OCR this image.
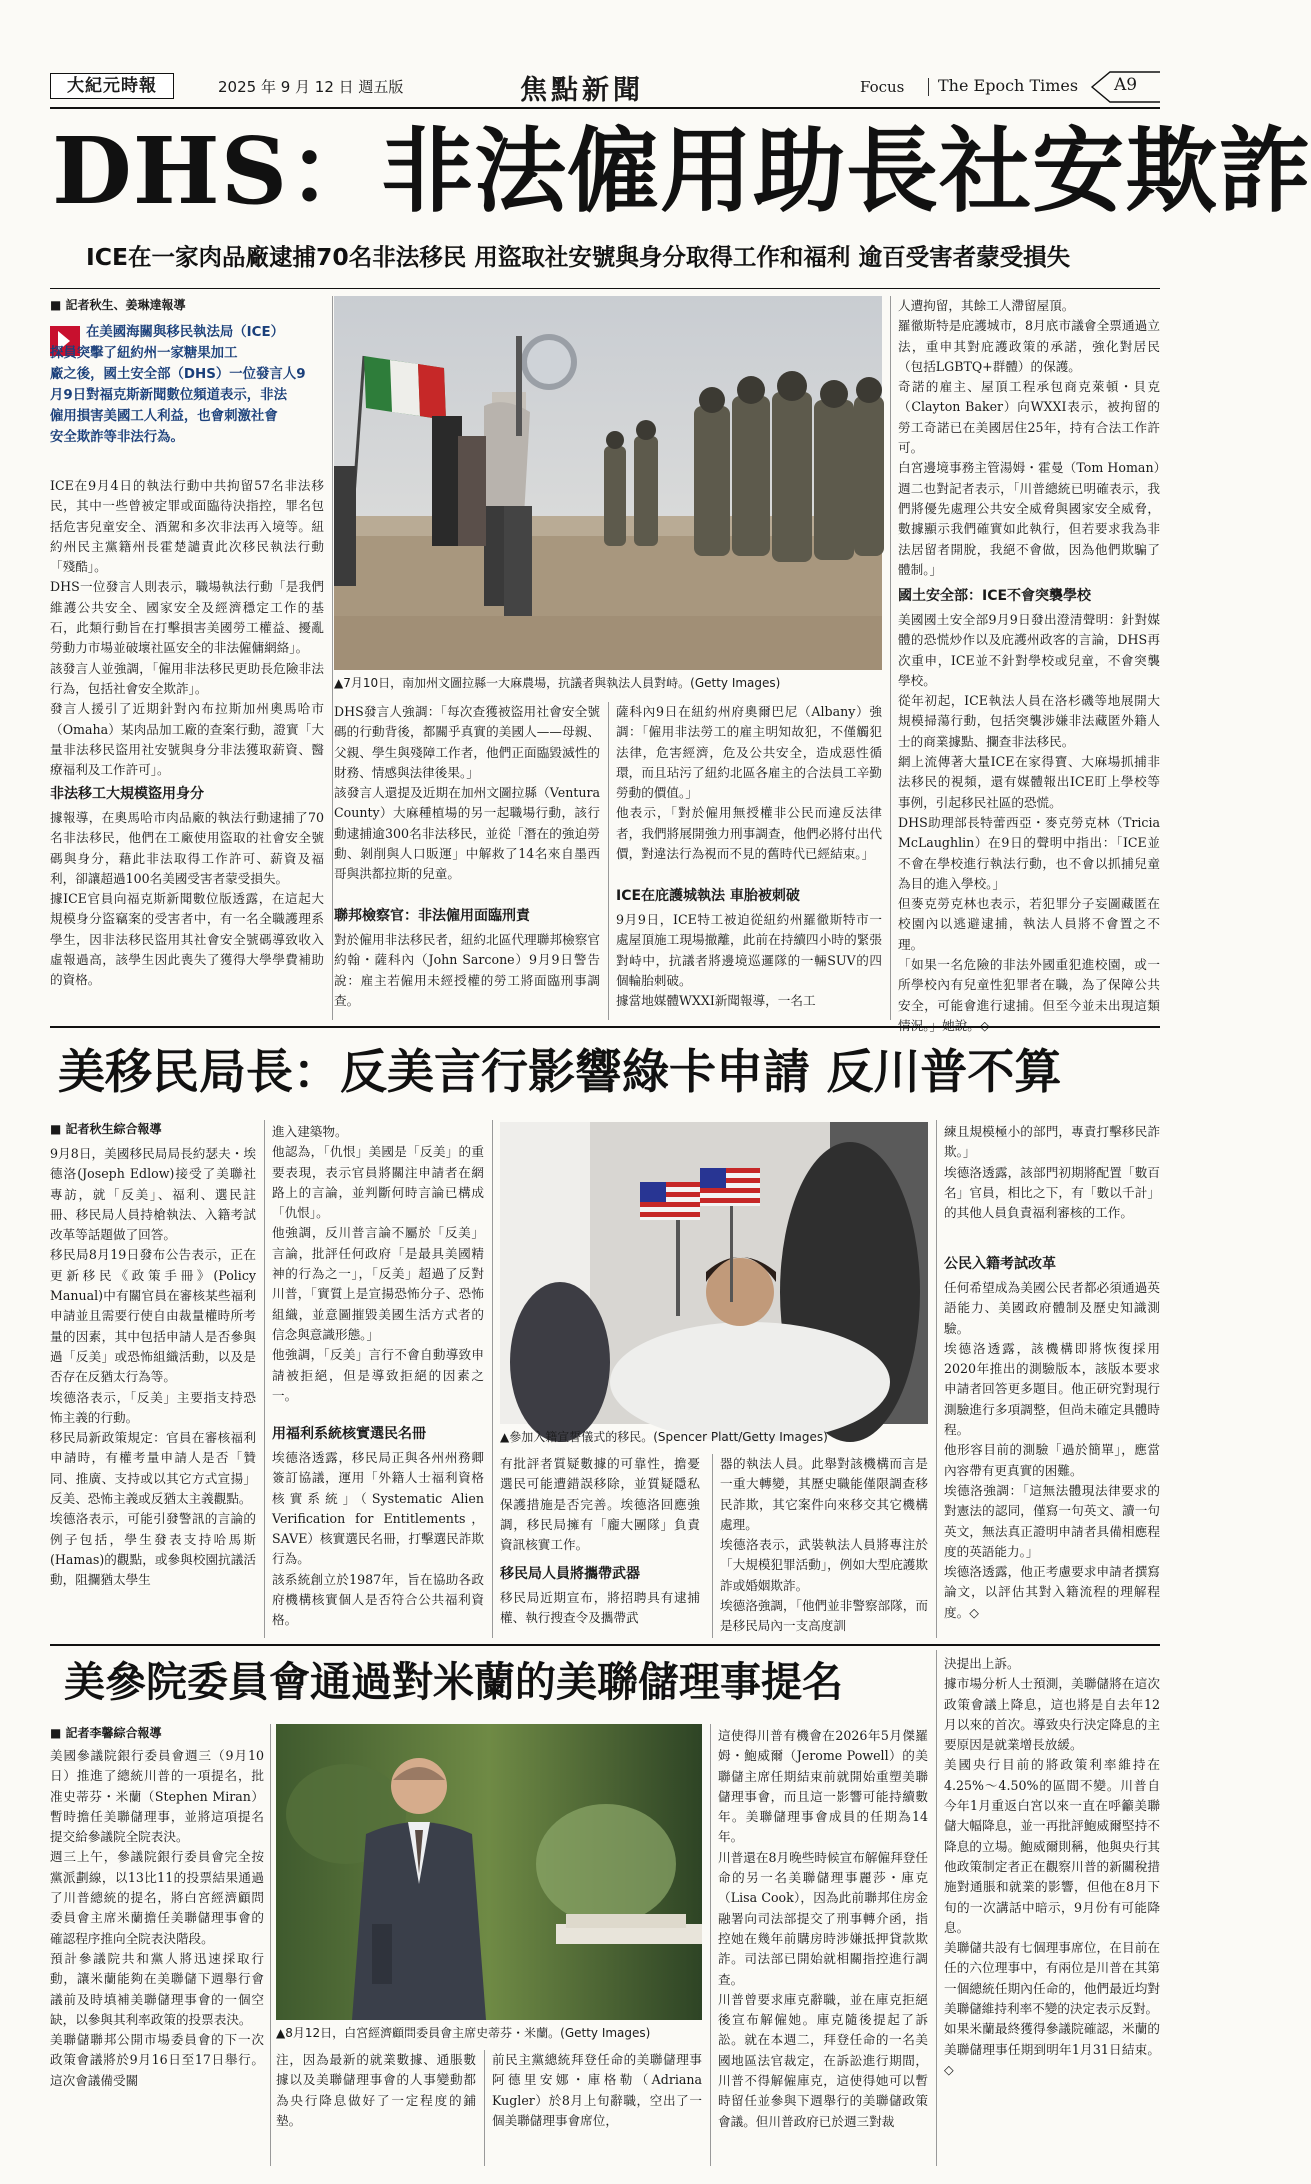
大紀元時報	2025 年 9 月 12 日 週五版	焦點新聞	Focus The Epoch Times A9
DHS：非法僱用助長社安欺詐
ICE在一家肉品廠逮捕70名非法移民 用盜取社安號與身分取得工作和福利 逾百受害者蒙受損失
■ 記者秋生、姜琳達報導
在美國海關與移民執法局（ICE）
探員突擊了紐約州一家糖果加工
廠之後，國土安全部（DHS）一位發言人9
月9日對福克斯新聞數位頻道表示，非法
僱用損害美國工人利益，也會刺激社會
安全欺詐等非法行為。
ICE在9月4日的執法行動中共拘留57名非法移民，其中一些曾被定罪或面臨待決指控，罪名包括危害兒童安全、酒駕和多次非法再入境等。紐約州民主黨籍州長霍楚譴責此次移民執法行動「殘酷」。
DHS一位發言人則表示，職場執法行動「是我們維護公共安全、國家安全及經濟穩定工作的基石，此類行動旨在打擊損害美國勞工權益、擾亂勞動力市場並破壞社區安全的非法僱傭網絡」。
該發言人並強調，「僱用非法移民更助長危險非法行為，包括社會安全欺詐」。
發言人援引了近期針對內布拉斯加州奧馬哈市（Omaha）某肉品加工廠的查案行動，證實「大量非法移民盜用社安號與身分非法獲取薪資、醫療福利及工作許可」。
非法移工大規模盜用身分
據報導，在奧馬哈市肉品廠的執法行動逮捕了70名非法移民，他們在工廠使用盜取的社會安全號碼與身分，藉此非法取得工作許可、薪資及福利，卻讓超過100名美國受害者蒙受損失。
據ICE官員向福克斯新聞數位版透露，在這起大規模身分盜竊案的受害者中，有一名全職護理系學生，因非法移民盜用其社會安全號碼導致收入虛報過高，該學生因此喪失了獲得大學學費補助的資格。
▲7月10日，南加州文圖拉縣一大麻農場，抗議者與執法人員對峙。(Getty Images)
DHS發言人強調：「每次查獲被盜用社會安全號碼的行動背後，都關乎真實的美國人——母親、父親、學生與殘障工作者，他們正面臨毀滅性的財務、情感與法律後果。」
該發言人還提及近期在加州文圖拉縣（Ventura County）大麻種植場的另一起職場行動，該行動逮捕逾300名非法移民，並從「潛在的強迫勞動、剝削與人口販運」中解救了14名來自墨西哥與洪都拉斯的兒童。
聯邦檢察官：非法僱用面臨刑責
對於僱用非法移民者，紐約北區代理聯邦檢察官約翰・薩科內（John Sarcone）9月9日警告說：雇主若僱用未經授權的勞工將面臨刑事調查。
薩科內9日在紐約州府奧爾巴尼（Albany）強調：「僱用非法勞工的雇主明知故犯，不僅觸犯法律，危害經濟，危及公共安全，造成惡性循環，而且玷污了紐約北區各雇主的合法員工辛勤勞動的價值。」
他表示，「對於僱用無授權非公民而違反法律者，我們將展開強力刑事調查，他們必將付出代價，對違法行為視而不見的舊時代已經結束。」
ICE在庇護城執法 車胎被刺破
9月9日，ICE特工被迫從紐約州羅徹斯特市一處屋頂施工現場撤離，此前在持續四小時的緊張對峙中，抗議者將邊境巡邏隊的一輛SUV的四個輪胎刺破。
據當地媒體WXXI新聞報導，一名工
人遭拘留，其餘工人滯留屋頂。
羅徹斯特是庇護城市，8月底市議會全票通過立法，重申其對庇護政策的承諾，強化對居民（包括LGBTQ+群體）的保護。
奇諾的雇主、屋頂工程承包商克萊頓・貝克（Clayton Baker）向WXXI表示，被拘留的勞工奇諾已在美國居住25年，持有合法工作許可。
白宮邊境事務主管湯姆・霍曼（Tom Homan）週二也對記者表示，「川普總統已明確表示，我們將優先處理公共安全威脅與國家安全威脅，數據顯示我們確實如此執行，但若要求我為非法居留者開脫，我絕不會做，因為他們欺騙了體制。」
國土安全部：ICE不會突襲學校
美國國土安全部9月9日發出澄清聲明：針對媒體的恐慌炒作以及庇護州政客的言論，DHS再次重申，ICE並不針對學校或兒童，不會突襲學校。
從年初起，ICE執法人員在洛杉磯等地展開大規模掃蕩行動，包括突襲涉嫌非法藏匿外籍人士的商業據點、攔查非法移民。
網上流傳著大量ICE在家得寶、大麻場抓捕非法移民的視頻，還有媒體報出ICE盯上學校等事例，引起移民社區的恐慌。
DHS助理部長特蕾西亞・麥克勞克林（Tricia McLaughlin）在9日的聲明中指出：「ICE並不會在學校進行執法行動，也不會以抓捕兒童為目的進入學校。」
但麥克勞克林也表示，若犯罪分子妄圖藏匿在校園內以逃避逮捕，執法人員將不會置之不理。
「如果一名危險的非法外國重犯進校園，或一所學校內有兒童性犯罪者在職，為了保障公共安全，可能會進行逮捕。但至今並未出現這類
美移民局長：反美言行影響綠卡申請 反川普不算
■ 記者秋生綜合報導
9月8日，美國移民局局長約瑟夫・埃德洛(Joseph Edlow)接受了美聯社專訪，就「反美」、福利、選民註冊、移民局人員持槍執法、入籍考試改革等話題做了回答。
移民局8月19日發布公告表示，正在更新移民《政策手冊》(Policy Manual)中有關官員在審核某些福利申請並且需要行使自由裁量權時所考量的因素，其中包括申請人是否參與過「反美」或恐怖組織活動，以及是否存在反猶太行為等。
埃德洛表示，「反美」主要指支持恐怖主義的行動。
移民局新政策規定：官員在審核福利申請時，有權考量申請人是否「贊同、推廣、支持或以其它方式宣揚」反美、恐怖主義或反猶太主義觀點。
埃德洛表示，可能引發警訊的言論的例子包括，學生發表支持哈馬斯(Hamas)的觀點，或參與校園抗議活動，阻攔猶太學生
進入建築物。
他認為，「仇恨」美國是「反美」的重要表現，表示官員將關注申請者在網路上的言論，並判斷何時言論已構成「仇恨」。
他強調，反川普言論不屬於「反美」言論，批評任何政府「是最具美國精神的行為之一」，「反美」超過了反對川普，「實質上是宣揚恐怖分子、恐怖組織，並意圖摧毀美國生活方式者的信念與意識形態。」
他強調，「反美」言行不會自動導致申請被拒絕，但是導致拒絕的因素之一。
用福利系統核實選民名冊
埃德洛透露，移民局正與各州州務卿簽訂協議，運用「外籍人士福利資格核實系統」（Systematic Alien Verification for Entitlements，SAVE）核實選民名冊，打擊選民詐欺行為。
該系統創立於1987年，旨在協助各政府機構核實個人是否符合公共福利資格。
▲參加入籍宣誓儀式的移民。(Spencer Platt/Getty Images)
有批評者質疑數據的可靠性，擔憂選民可能遭錯誤移除，並質疑隱私保護措施是否完善。埃德洛回應強調，移民局擁有「龐大團隊」負責資訊核實工作。
移民局人員將攜帶武器
移民局近期宣布，將招聘具有逮捕權、執行搜查令及攜帶武
器的執法人員。此舉對該機構而言是一重大轉變，其歷史職能僅限調查移民詐欺，其它案件向來移交其它機構處理。
埃德洛表示，武裝執法人員將專注於「大規模犯罪活動」，例如大型庇護欺詐或婚姻欺詐。
埃德洛強調，「他們並非警察部隊，而是移民局內一支高度訓
練且規模極小的部門，專責打擊移民詐欺。」
埃德洛透露，該部門初期將配置「數百名」官員，相比之下，有「數以千計」的其他人員負責福利審核的工作。
公民入籍考試改革
任何希望成為美國公民者都必須通過英語能力、美國政府體制及歷史知識測驗。
埃德洛透露，該機構即將恢復採用2020年推出的測驗版本，該版本要求申請者回答更多題目。他正研究對現行測驗進行多項調整，但尚未確定具體時程。
他形容目前的測驗「過於簡單」，應當內容帶有更真實的困難。
埃德洛強調：「這無法體現法律要求的對憲法的認同，僅寫一句英文、讀一句英文，無法真正證明申請者具備相應程度的英語能力。」
埃德洛透露，他正考慮要求申請者撰寫論文，以評估其對入籍流程的理解程度。◇
美參院委員會通過對米蘭的美聯儲理事提名
■ 記者李馨綜合報導
美國參議院銀行委員會週三（9月10日）推進了總統川普的一項提名，批准史蒂芬・米蘭（Stephen Miran）暫時擔任美聯儲理事，並將這項提名提交給參議院全院表決。
週三上午，參議院銀行委員會完全按黨派劃線，以13比11的投票結果通過了川普總統的提名，將白宮經濟顧問委員會主席米蘭擔任美聯儲理事會的確認程序推向全院表決階段。
預計參議院共和黨人將迅速採取行動，讓米蘭能夠在美聯儲下週舉行會議前及時填補美聯儲理事會的一個空缺，以參與其利率政策的投票表決。
美聯儲聯邦公開市場委員會的下一次政策會議將於9月16日至17日舉行。這次會議備受關
▲8月12日，白宮經濟顧問委員會主席史蒂芬・米蘭。(Getty Images)
注，因為最新的就業數據、通脹數據以及美聯儲理事會的人事變動都為央行降息做好了一定程度的鋪墊。
前民主黨總統拜登任命的美聯儲理事阿德里安娜・庫格勒（Adriana Kugler）於8月上旬辭職，空出了一個美聯儲理事會席位，
這使得川普有機會在2026年5月傑羅姆・鮑威爾（Jerome Powell）的美聯儲主席任期結束前就開始重塑美聯儲理事會，而且這一影響可能持續數年。美聯儲理事會成員的任期為14年。
川普還在8月晚些時候宣布解僱拜登任命的另一名美聯儲理事麗莎・庫克（Lisa Cook），因為此前聯邦住房金融署向司法部提交了刑事轉介函，指控她在幾年前購房時涉嫌抵押貸款欺詐。司法部已開始就相關指控進行調查。
川普曾要求庫克辭職，並在庫克拒絕後宣布解僱她。庫克隨後提起了訴訟。就在本週二，拜登任命的一名美國地區法官裁定，在訴訟進行期間，川普不得解僱庫克，這使得她可以暫時留任並參與下週舉行的美聯儲政策會議。但川普政府已於週三對裁
決提出上訴。
據市場分析人士預測，美聯儲將在這次政策會議上降息，這也將是自去年12月以來的首次。導致央行決定降息的主要原因是就業增長放緩。
美國央行目前的將政策利率維持在4.25%～4.50%的區間不變。川普自今年1月重返白宮以來一直在呼籲美聯儲大幅降息，並一再批評鮑威爾堅持不降息的立場。鮑威爾則稱，他與央行其他政策制定者正在觀察川普的新關稅措施對通脹和就業的影響，但他在8月下旬的一次講話中暗示，9月份有可能降息。
美聯儲共設有七個理事席位，在目前在任的六位理事中，有兩位是川普在其第一個總統任期內任命的，他們最近均對美聯儲維持利率不變的決定表示反對。
如果米蘭最終獲得參議院確認，米蘭的美聯儲理事任期到明年1月31日結束。◇
